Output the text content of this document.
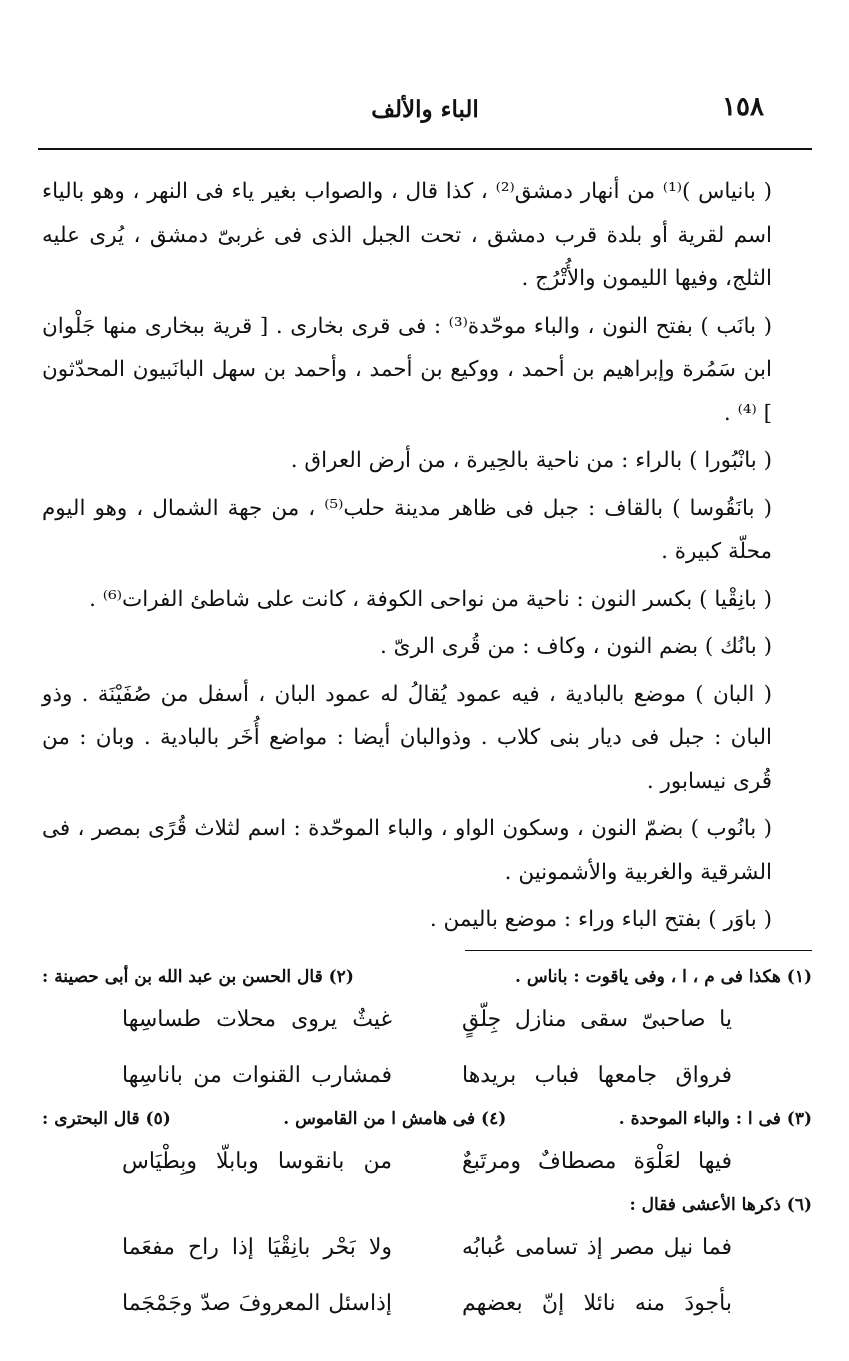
١٥٨
الباء والألف

( بانياس )⁽¹⁾ من أنهار دمشق⁽²⁾ ، كذا قال ، والصواب بغير ياء فى النهر ، وهو بالياء اسم لقرية أو بلدة قرب دمشق ، تحت الجبل الذى فى غربىّ دمشق ، يُرى عليه الثلج، وفيها الليمون والأُتْرُج .

( بانَب ) بفتح النون ، والباء موحّدة⁽³⁾ : فى قرى بخارى . [ قرية ببخارى منها جَلْوان ابن سَمُرة وإبراهيم بن أحمد ، ووكيع بن أحمد ، وأحمد بن سهل البانَبيون المحدّثون ] ⁽⁴⁾ .

( بانْبُورا ) بالراء : من ناحية بالحِيرة ، من أرض العراق .

( بانَقُوسا ) بالقاف : جبل فى ظاهر مدينة حلب⁽⁵⁾ ، من جهة الشمال ، وهو اليوم محلّة كبيرة .

( بانِقْيا ) بكسر النون : ناحية من نواحى الكوفة ، كانت على شاطئ الفرات⁽⁶⁾ .

( بانُك ) بضم النون ، وكاف : من قُرى الرىّ .

( البان ) موضع بالبادية ، فيه عمود يُقالُ له عمود البان ، أسفل من صُفَيْنَة . وذو البان : جبل فى ديار بنى كلاب . وذوالبان أيضا : مواضع أُخَر بالبادية . وبان : من قُرى نيسابور .

( بانُوب ) بضمّ النون ، وسكون الواو ، والباء الموحّدة : اسم لثلاث قُرًى بمصر ، فى الشرقية والغربية والأشمونين .

( باوَر ) بفتح الباء وراء : موضع باليمن .

(١) هكذا فى م ، ا ، وفى ياقوت : باناس .
(٢) قال الحسن بن عبد الله بن أبى حصينة :
يا صاحبىّ سقى منازل جِلّقٍ
غيثٌ يروى محلات طساسِها
فرواق جامعها فباب بريدها
فمشارب القنوات من باناسِها
(٣) فى ا : والباء الموحدة .
(٤) فى هامش ا من القاموس .
(٥) قال البحترى :
فيها لعَلْوَة مصطافٌ ومرتَبعٌ
من بانقوسا وبابلّا وبِطْيَاس
(٦) ذكرها الأعشى فقال :
فما نيل مصر إذ تسامى عُبابُه
ولا بَحْر بانِقْيَا إذا راح مفعَما
بأجودَ منه نائلا إنّ بعضهم
إذاسئل المعروفَ صدّ وجَمْجَما
